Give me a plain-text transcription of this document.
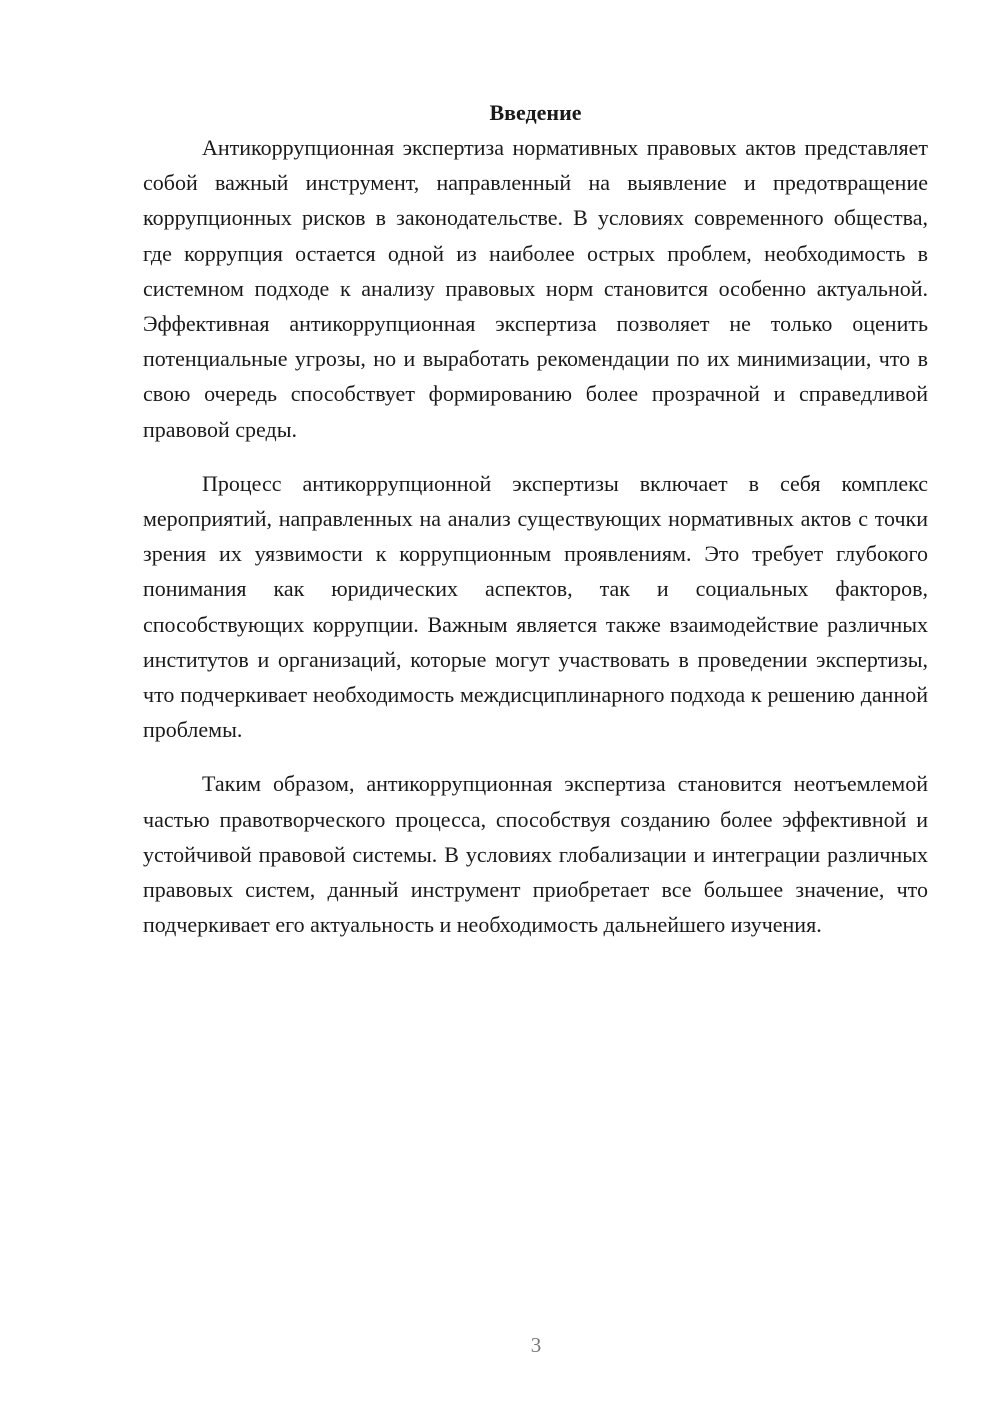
Введение

Антикоррупционная экспертиза нормативных правовых актов представляет собой важный инструмент, направленный на выявление и предотвращение коррупционных рисков в законодательстве. В условиях современного общества, где коррупция остается одной из наиболее острых проблем, необходимость в системном подходе к анализу правовых норм становится особенно актуальной. Эффективная антикоррупционная экспертиза позволяет не только оценить потенциальные угрозы, но и выработать рекомендации по их минимизации, что в свою очередь способствует формированию более прозрачной и справедливой правовой среды.

Процесс антикоррупционной экспертизы включает в себя комплекс мероприятий, направленных на анализ существующих нормативных актов с точки зрения их уязвимости к коррупционным проявлениям. Это требует глубокого понимания как юридических аспектов, так и социальных факторов, способствующих коррупции. Важным является также взаимодействие различных институтов и организаций, которые могут участвовать в проведении экспертизы, что подчеркивает необходимость междисциплинарного подхода к решению данной проблемы.

Таким образом, антикоррупционная экспертиза становится неотъемлемой частью правотворческого процесса, способствуя созданию более эффективной и устойчивой правовой системы. В условиях глобализации и интеграции различных правовых систем, данный инструмент приобретает все большее значение, что подчеркивает его актуальность и необходимость дальнейшего изучения.

3
